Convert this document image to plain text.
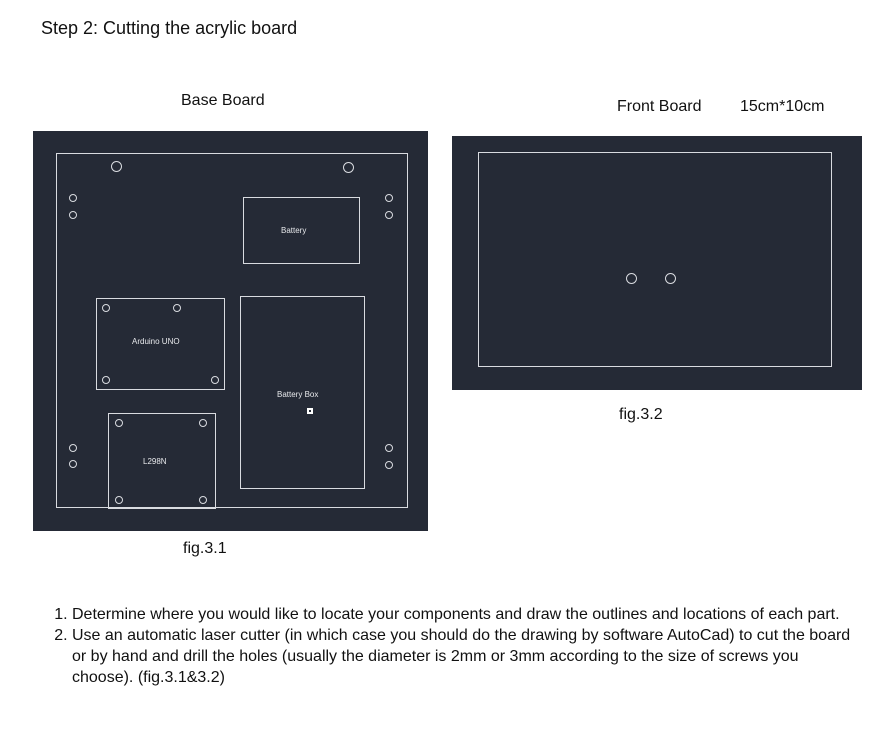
Step 2: Cutting the acrylic board
Base Board	Front Board 15cm*10cm
Battery
Arduino UNO
Battery Box
L298N
fig.3.1
fig.3.2
1. Determine where you would like to locate your components and draw the outlines and locations of each part.
2. Use an automatic laser cutter (in which case you should do the drawing by software AutoCad) to cut the board or by hand and drill the holes (usually the diameter is 2mm or 3mm according to the size of screws you choose). (fig.3.1&3.2)
